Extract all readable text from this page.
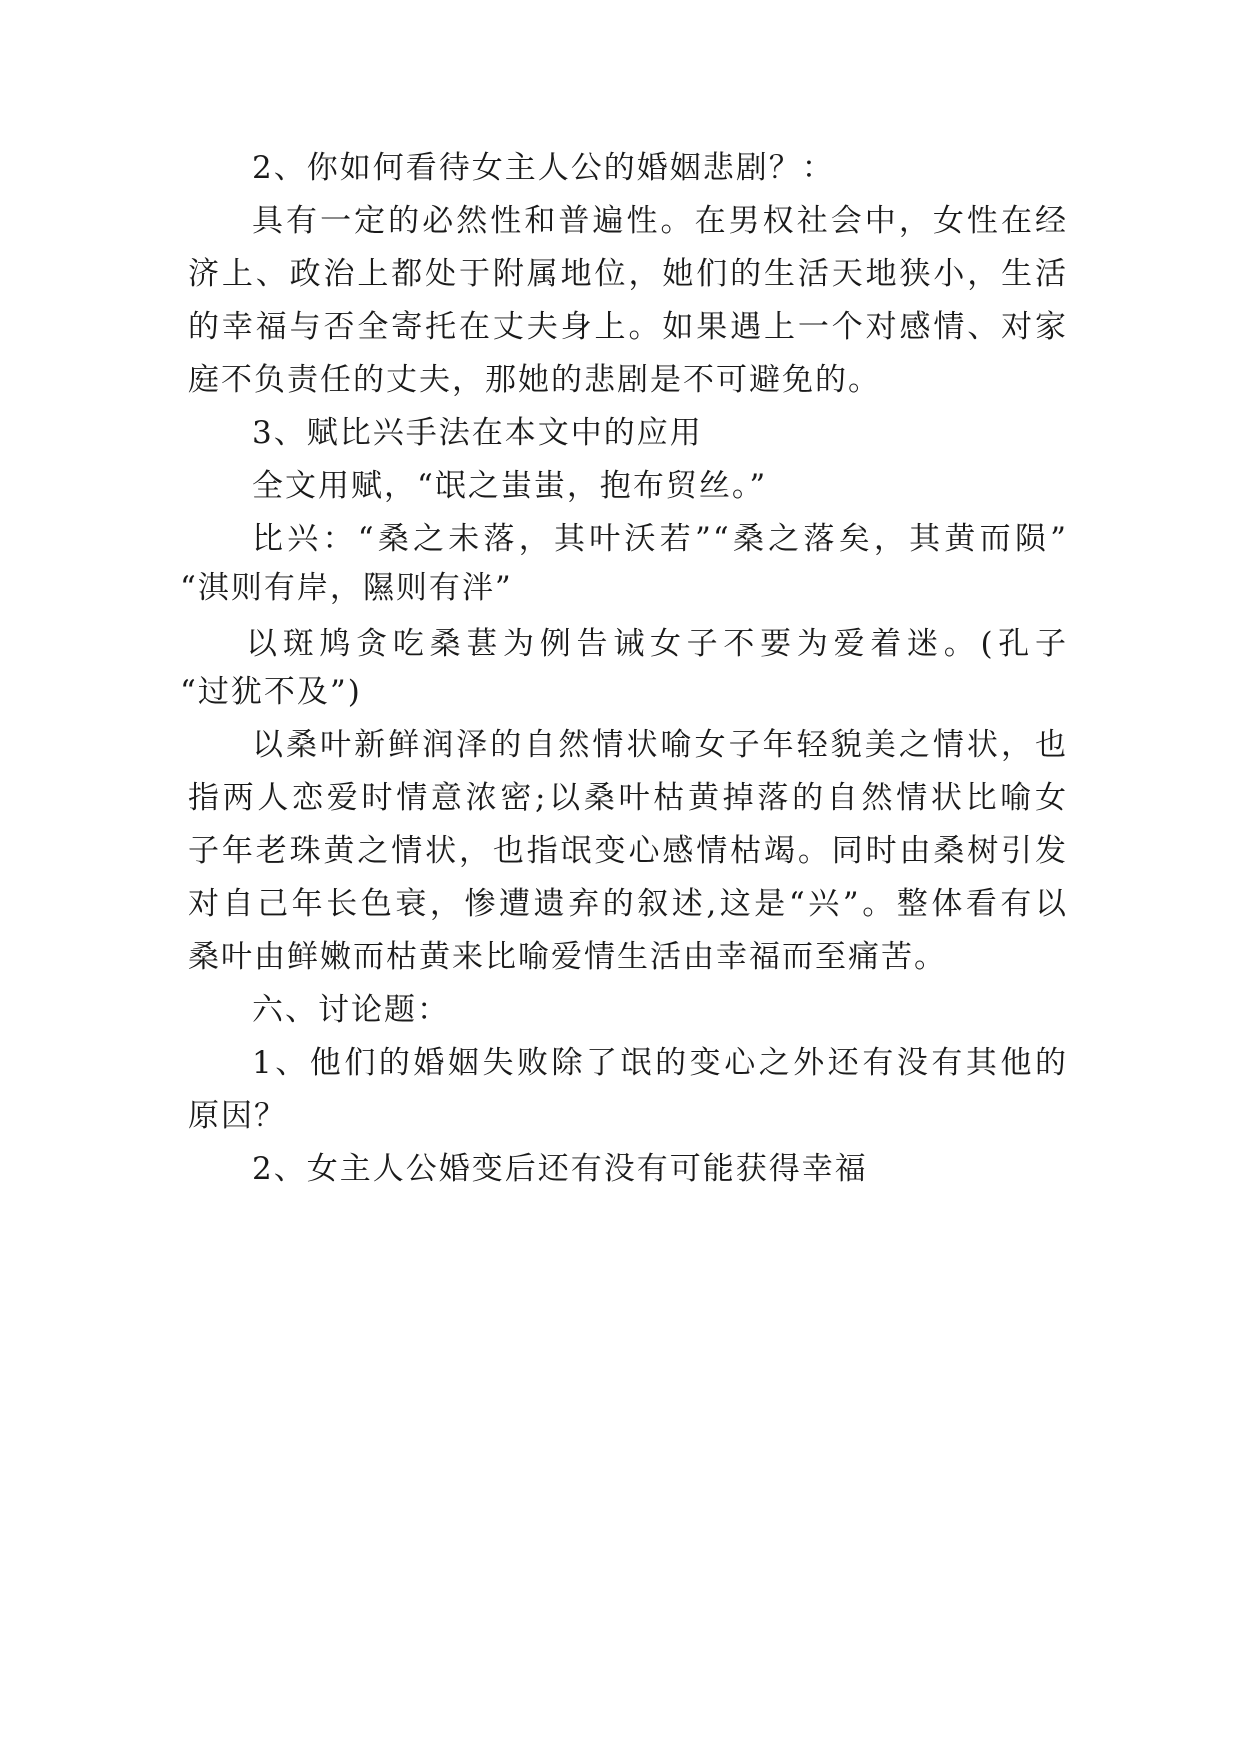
2、你如何看待女主人公的婚姻悲剧？：
具有一定的必然性和普遍性。在男权社会中，女性在经
济上、政治上都处于附属地位，她们的生活天地狭小，生活
的幸福与否全寄托在丈夫身上。如果遇上一个对感情、对家
庭不负责任的丈夫，那她的悲剧是不可避免的。
3、赋比兴手法在本文中的应用
全文用赋，“氓之蚩蚩，抱布贸丝。”
比兴：“桑之未落，其叶沃若”“桑之落矣，其黄而陨”
“淇则有岸，隰则有泮”
以斑鸠贪吃桑葚为例告诫女子不要为爱着迷。(孔子
“过犹不及”)
以桑叶新鲜润泽的自然情状喻女子年轻貌美之情状，也
指两人恋爱时情意浓密;以桑叶枯黄掉落的自然情状比喻女
子年老珠黄之情状，也指氓变心感情枯竭。同时由桑树引发
对自己年长色衰，惨遭遗弃的叙述,这是“兴”。整体看有以
桑叶由鲜嫩而枯黄来比喻爱情生活由幸福而至痛苦。
六、讨论题：
1、他们的婚姻失败除了氓的变心之外还有没有其他的
原因？
2、女主人公婚变后还有没有可能获得幸福
